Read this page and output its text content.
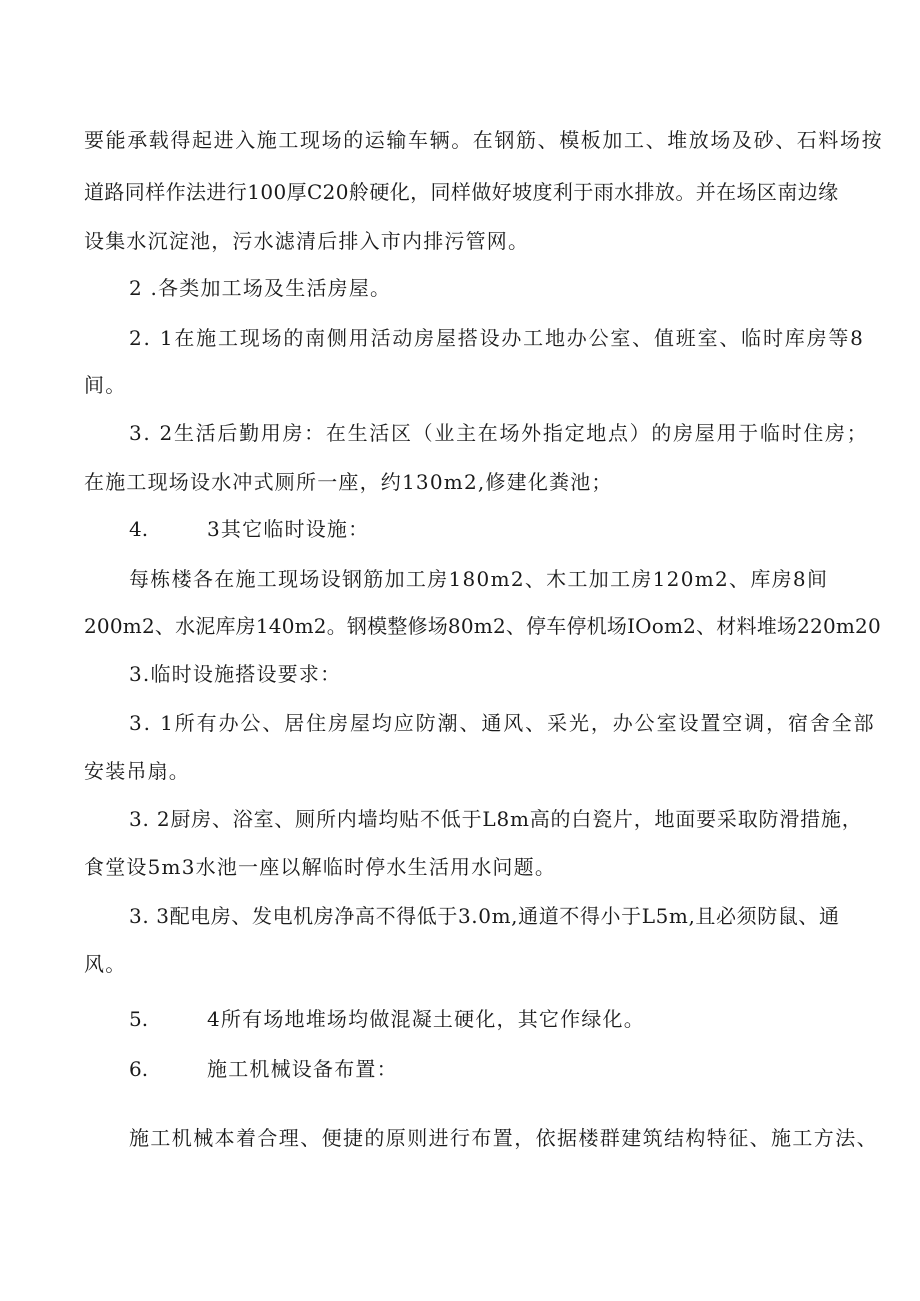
要能承载得起进入施工现场的运输车辆。在钢筋、模板加工、堆放场及砂、石料场按
道路同样作法进行100厚C20舲硬化，同样做好坡度利于雨水排放。并在场区南边缘
设集水沉淀池，污水滤清后排入市内排污管网。
2 .各类加工场及生活房屋。
2. 1在施工现场的南侧用活动房屋搭设办工地办公室、值班室、临时库房等8
间。
3. 2生活后勤用房：在生活区（业主在场外指定地点）的房屋用于临时住房；
在施工现场设水冲式厕所一座，约130m2,修建化粪池；
4.	3其它临时设施：
每栋楼各在施工现场设钢筋加工房180m2、木工加工房120m2、库房8间
200m2、水泥库房140m2。钢模整修场80m2、停车停机场IOom2、材料堆场220m20
3.临时设施搭设要求：
3. 1所有办公、居住房屋均应防潮、通风、采光，办公室设置空调，宿舍全部
安装吊扇。
3. 2厨房、浴室、厕所内墙均贴不低于L8m高的白瓷片，地面要采取防滑措施，
食堂设5m3水池一座以解临时停水生活用水问题。
3. 3配电房、发电机房净高不得低于3.0m,通道不得小于L5m,且必须防鼠、通
风。
5.	4所有场地堆场均做混凝土硬化，其它作绿化。
6.	施工机械设备布置：
施工机械本着合理、便捷的原则进行布置，依据楼群建筑结构特征、施工方法、
